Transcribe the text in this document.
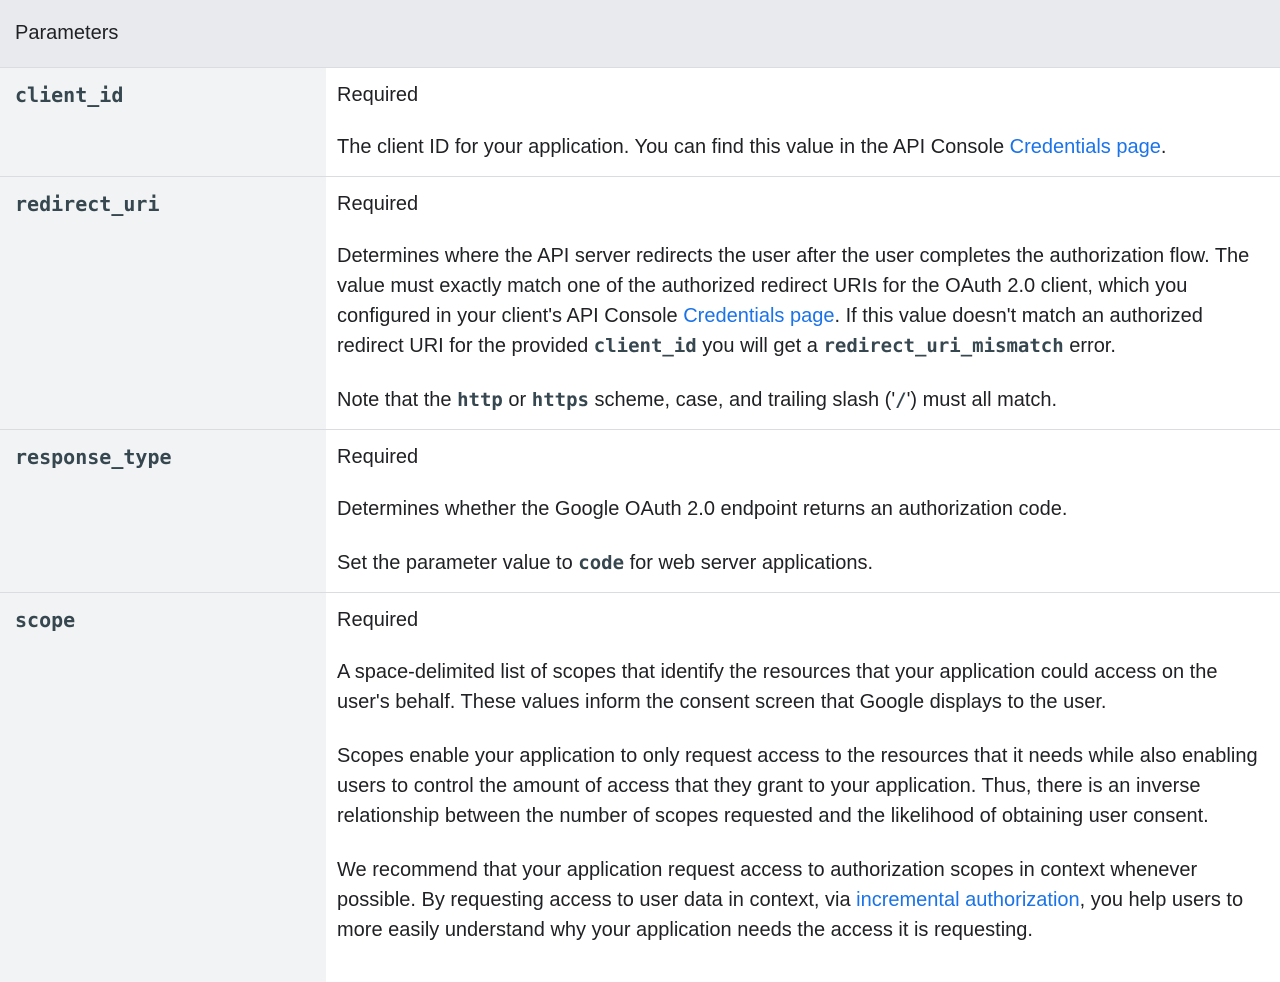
Parameters	
client_id	Required

The client ID for your application. You can find this value in the API Console Credentials page.

redirect_uri	Required

Determines where the API server redirects the user after the user completes the authorization flow. The value must exactly match one of the authorized redirect URIs for the OAuth 2.0 client, which you configured in your client's API Console Credentials page. If this value doesn't match an authorized redirect URI for the provided client_id you will get a redirect_uri_mismatch error.

Note that the http or https scheme, case, and trailing slash ('/') must all match.

response_type	Required

Determines whether the Google OAuth 2.0 endpoint returns an authorization code.

Set the parameter value to code for web server applications.

scope	Required

A space-delimited list of scopes that identify the resources that your application could access on the user's behalf. These values inform the consent screen that Google displays to the user.

Scopes enable your application to only request access to the resources that it needs while also enabling users to control the amount of access that they grant to your application. Thus, there is an inverse relationship between the number of scopes requested and the likelihood of obtaining user consent.

We recommend that your application request access to authorization scopes in context whenever possible. By requesting access to user data in context, via incremental authorization, you help users to more easily understand why your application needs the access it is requesting.
